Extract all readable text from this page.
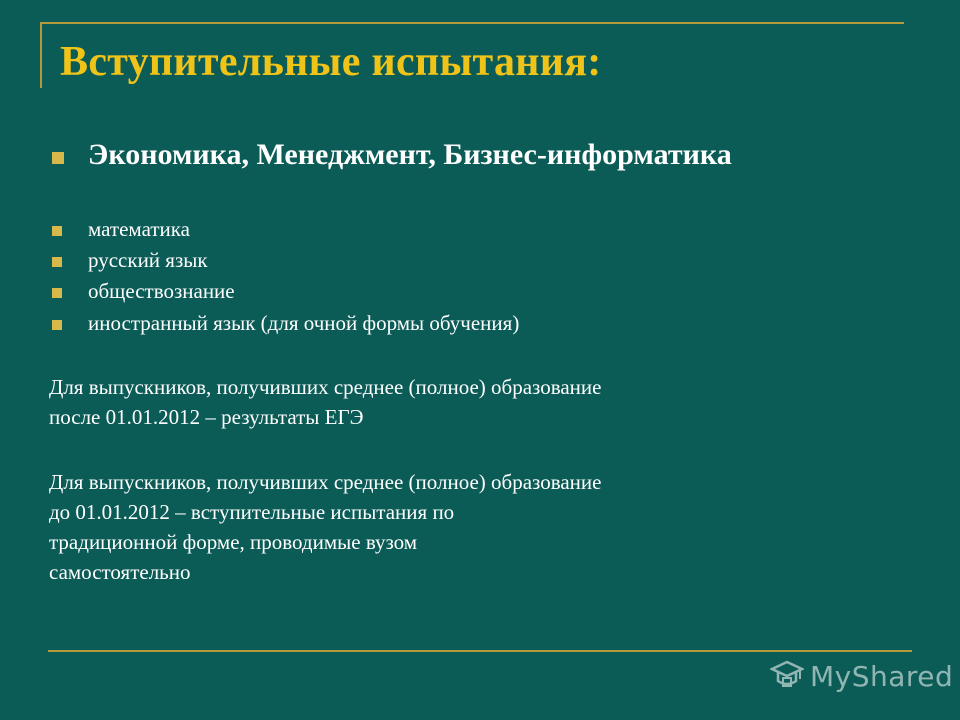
Вступительные испытания:
Экономика, Менеджмент, Бизнес-информатика
математика
русский язык
обществознание
иностранный язык (для очной формы обучения)
Для выпускников, получивших среднее (полное) образование
после 01.01.2012 – результаты ЕГЭ
Для выпускников, получивших среднее (полное) образование
до 01.01.2012 – вступительные испытания по
традиционной форме, проводимые вузом
самостоятельно
MyShared
